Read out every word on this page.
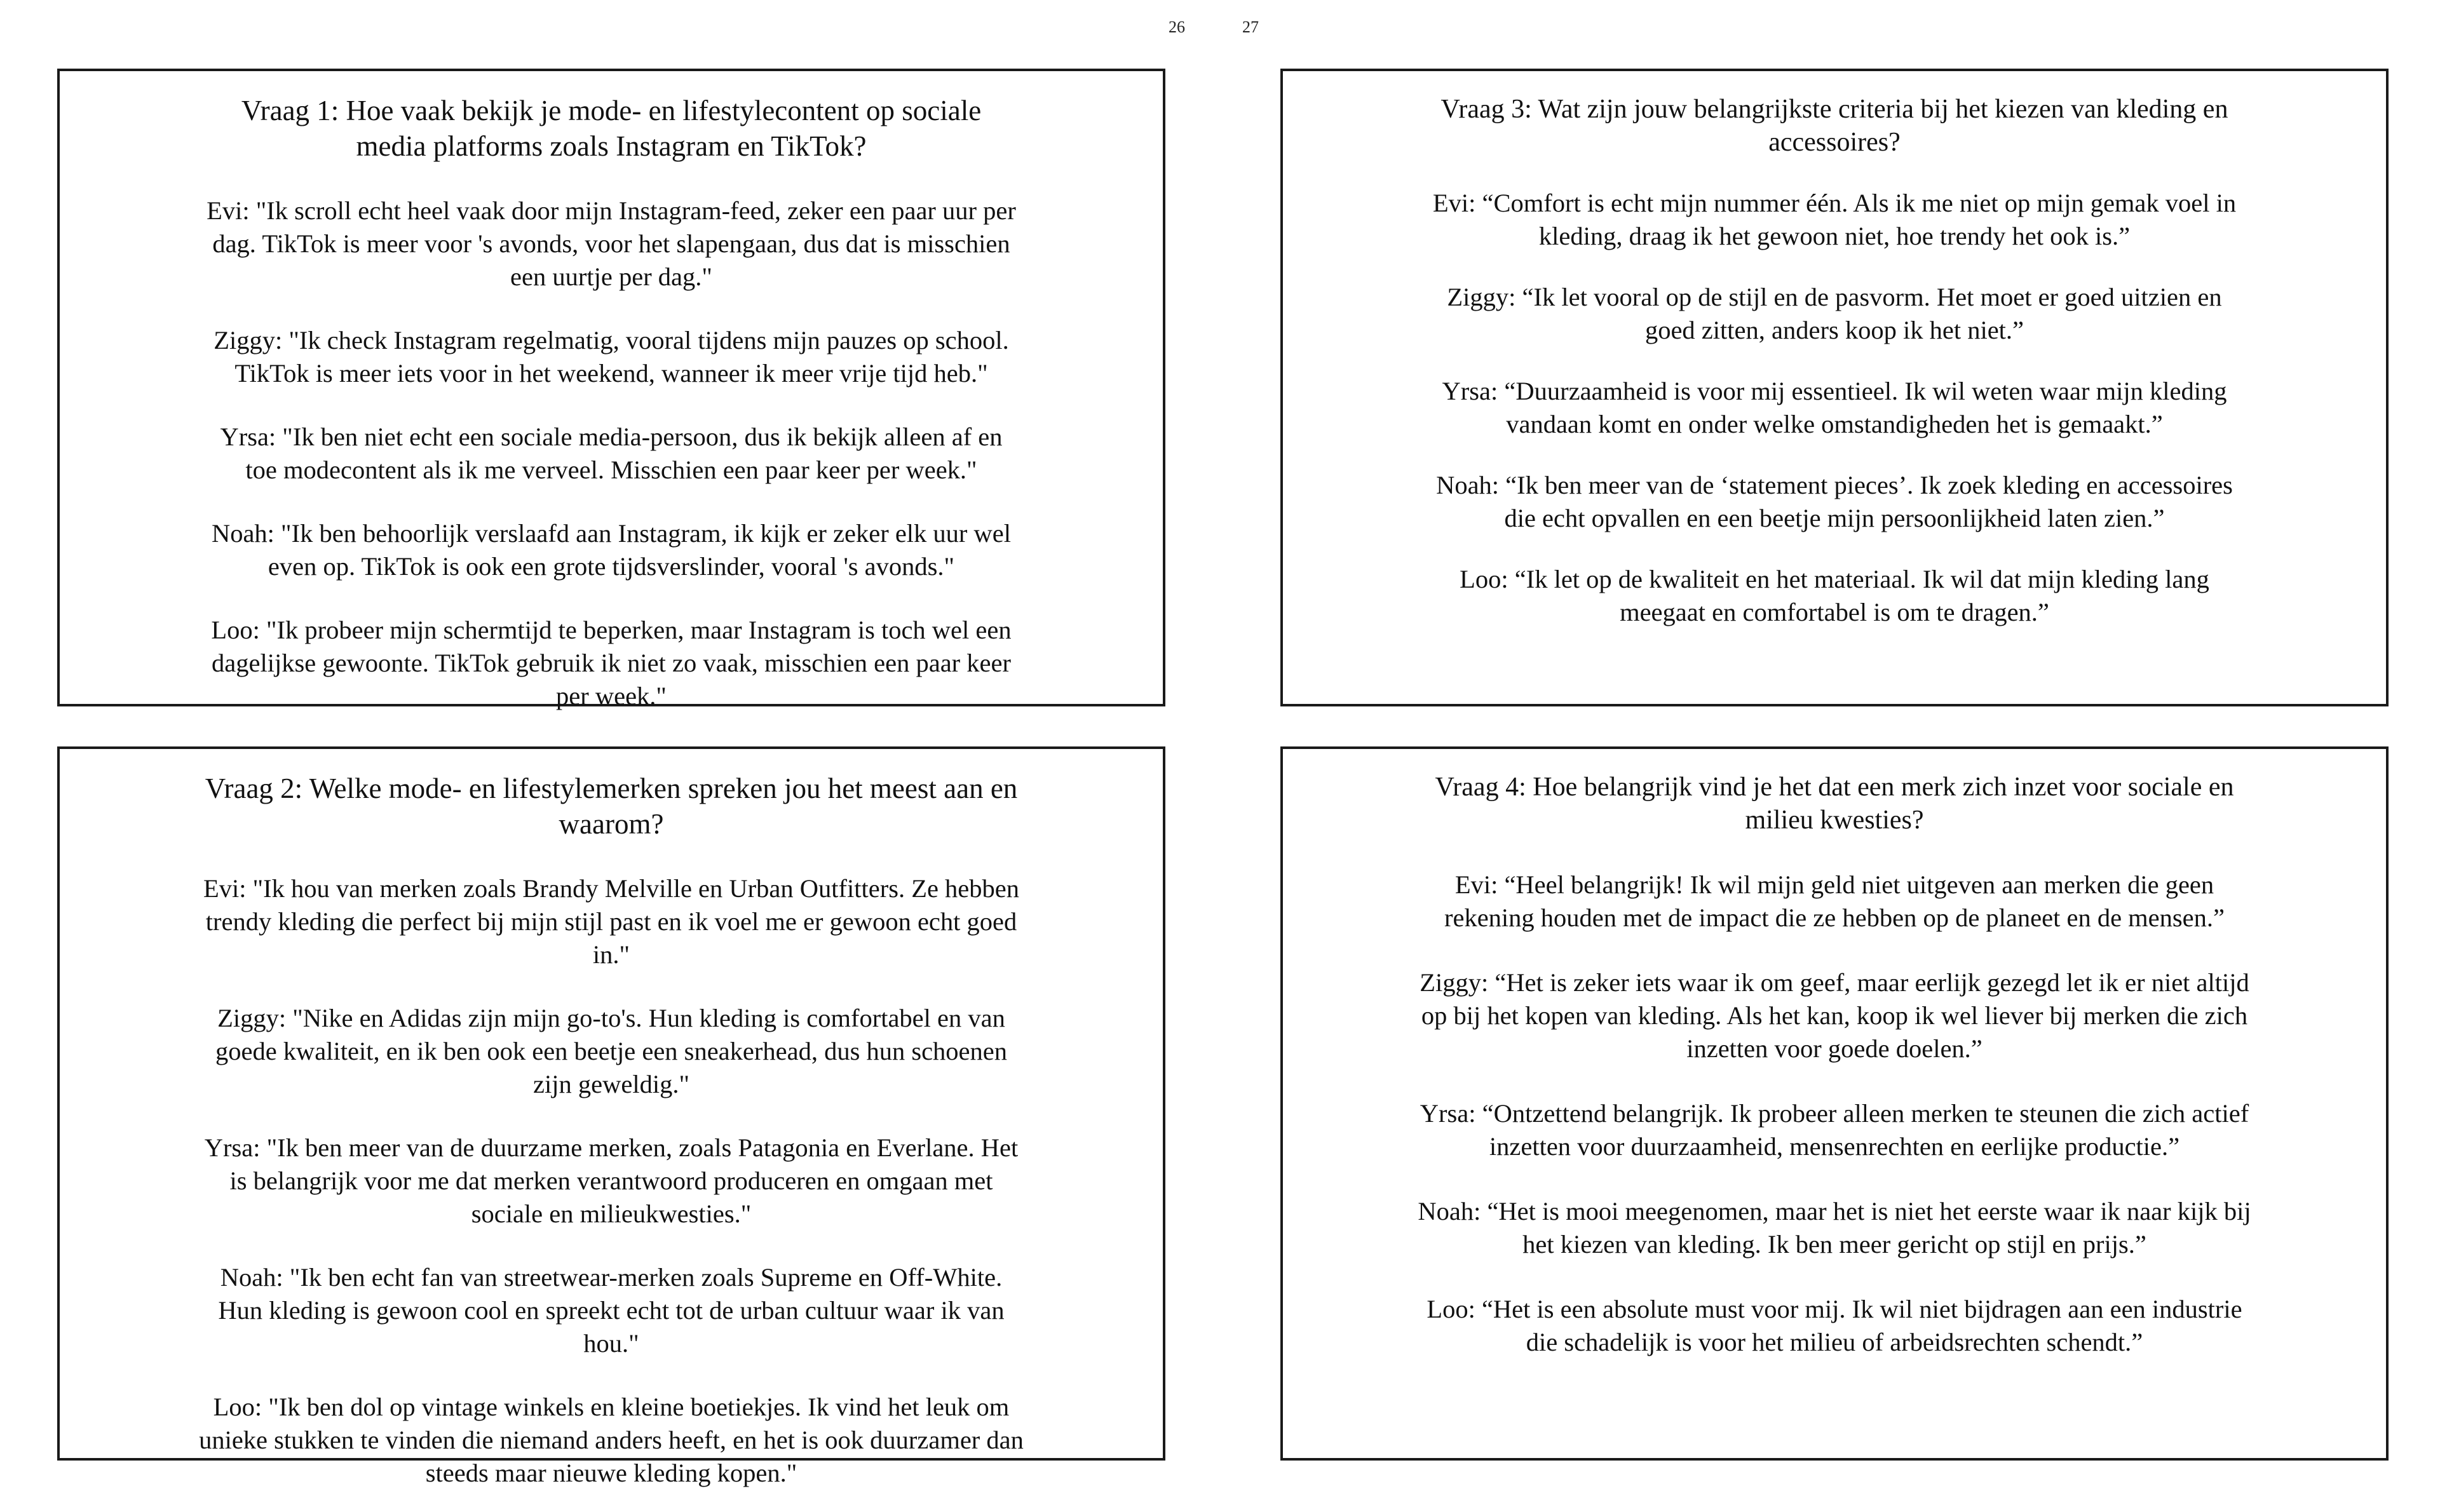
26	27

Vraag 1: Hoe vaak bekijk je mode- en lifestylecontent op sociale media platforms zoals Instagram en TikTok?

Evi: "Ik scroll echt heel vaak door mijn Instagram-feed, zeker een paar uur per dag. TikTok is meer voor 's avonds, voor het slapengaan, dus dat is misschien een uurtje per dag."

Ziggy: "Ik check Instagram regelmatig, vooral tijdens mijn pauzes op school. TikTok is meer iets voor in het weekend, wanneer ik meer vrije tijd heb."

Yrsa: "Ik ben niet echt een sociale media-persoon, dus ik bekijk alleen af en toe modecontent als ik me verveel. Misschien een paar keer per week."

Noah: "Ik ben behoorlijk verslaafd aan Instagram, ik kijk er zeker elk uur wel even op. TikTok is ook een grote tijdsverslinder, vooral 's avonds."

Loo: "Ik probeer mijn schermtijd te beperken, maar Instagram is toch wel een dagelijkse gewoonte. TikTok gebruik ik niet zo vaak, misschien een paar keer per week."

Vraag 3: Wat zijn jouw belangrijkste criteria bij het kiezen van kleding en accessoires?

Evi: “Comfort is echt mijn nummer één. Als ik me niet op mijn gemak voel in kleding, draag ik het gewoon niet, hoe trendy het ook is.”

Ziggy: “Ik let vooral op de stijl en de pasvorm. Het moet er goed uitzien en goed zitten, anders koop ik het niet.”

Yrsa: “Duurzaamheid is voor mij essentieel. Ik wil weten waar mijn kleding vandaan komt en onder welke omstandigheden het is gemaakt.”

Noah: “Ik ben meer van de ‘statement pieces’. Ik zoek kleding en accessoires die echt opvallen en een beetje mijn persoonlijkheid laten zien.”

Loo: “Ik let op de kwaliteit en het materiaal. Ik wil dat mijn kleding lang meegaat en comfortabel is om te dragen.”

Vraag 2: Welke mode- en lifestylemerken spreken jou het meest aan en waarom?

Evi: "Ik hou van merken zoals Brandy Melville en Urban Outfitters. Ze hebben trendy kleding die perfect bij mijn stijl past en ik voel me er gewoon echt goed in."

Ziggy: "Nike en Adidas zijn mijn go-to's. Hun kleding is comfortabel en van goede kwaliteit, en ik ben ook een beetje een sneakerhead, dus hun schoenen zijn geweldig."

Yrsa: "Ik ben meer van de duurzame merken, zoals Patagonia en Everlane. Het is belangrijk voor me dat merken verantwoord produceren en omgaan met sociale en milieukwesties."

Noah: "Ik ben echt fan van streetwear-merken zoals Supreme en Off-White. Hun kleding is gewoon cool en spreekt echt tot de urban cultuur waar ik van hou."

Loo: "Ik ben dol op vintage winkels en kleine boetiekjes. Ik vind het leuk om unieke stukken te vinden die niemand anders heeft, en het is ook duurzamer dan steeds maar nieuwe kleding kopen."

Vraag 4: Hoe belangrijk vind je het dat een merk zich inzet voor sociale en milieu kwesties?

Evi: “Heel belangrijk! Ik wil mijn geld niet uitgeven aan merken die geen rekening houden met de impact die ze hebben op de planeet en de mensen.”

Ziggy: “Het is zeker iets waar ik om geef, maar eerlijk gezegd let ik er niet altijd op bij het kopen van kleding. Als het kan, koop ik wel liever bij merken die zich inzetten voor goede doelen.”

Yrsa: “Ontzettend belangrijk. Ik probeer alleen merken te steunen die zich actief inzetten voor duurzaamheid, mensenrechten en eerlijke productie.”

Noah: “Het is mooi meegenomen, maar het is niet het eerste waar ik naar kijk bij het kiezen van kleding. Ik ben meer gericht op stijl en prijs.”

Loo: “Het is een absolute must voor mij. Ik wil niet bijdragen aan een industrie die schadelijk is voor het milieu of arbeidsrechten schendt.”
